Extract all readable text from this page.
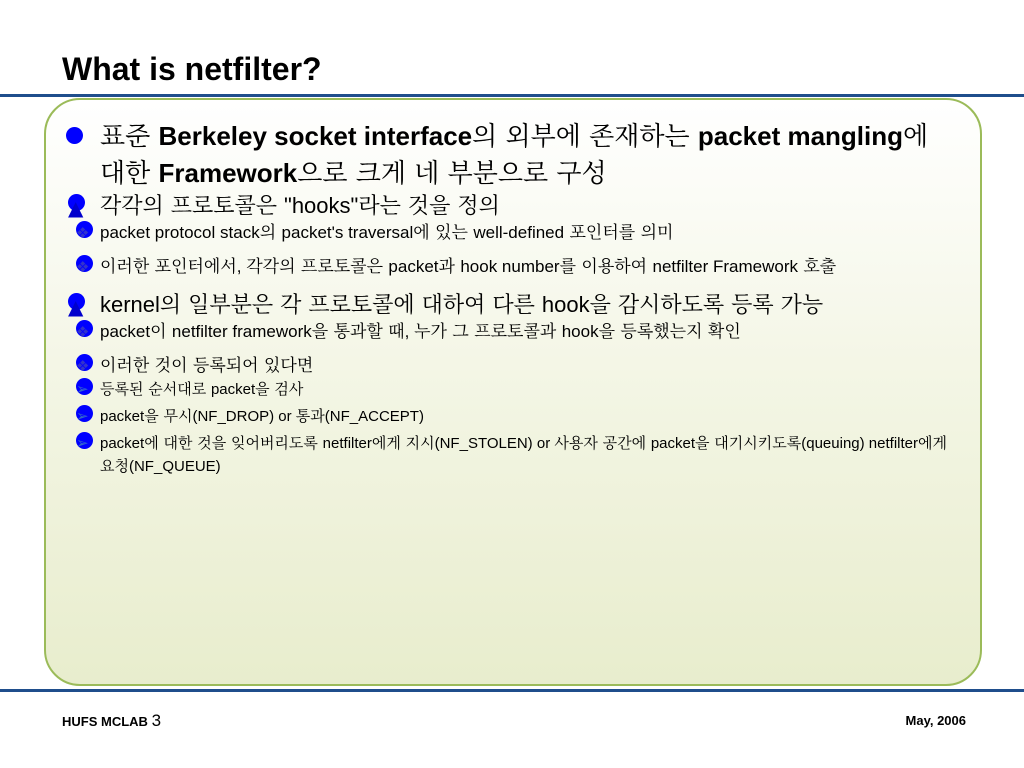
What is netfilter?
표준 Berkeley socket interface의 외부에 존재하는 packet mangling에 대한 Framework으로 크게 네 부분으로 구성
▲ 각각의 프로토콜은 "hooks"라는 것을 정의
❖ packet protocol stack의 packet's traversal에 있는 well-defined 포인터를 의미
❖ 이러한 포인터에서, 각각의 프로토콜은 packet과 hook number를 이용하여 netfilter Framework 호출
▲ kernel의 일부분은 각 프로토콜에 대하여 다른 hook을 감시하도록 등록 가능
❖ packet이 netfilter framework을 통과할 때, 누가 그 프로토콜과 hook을 등록했는지 확인
❖ 이러한 것이 등록되어 있다면
➢ 등록된 순서대로 packet을 검사
➢ packet을 무시(NF_DROP) or 통과(NF_ACCEPT)
➢ packet에 대한 것을 잊어버리도록 netfilter에게 지시(NF_STOLEN) or 사용자 공간에 packet을 대기시키도록(queuing) netfilter에게 요청(NF_QUEUE)
HUFS MCLAB 3	May, 2006
